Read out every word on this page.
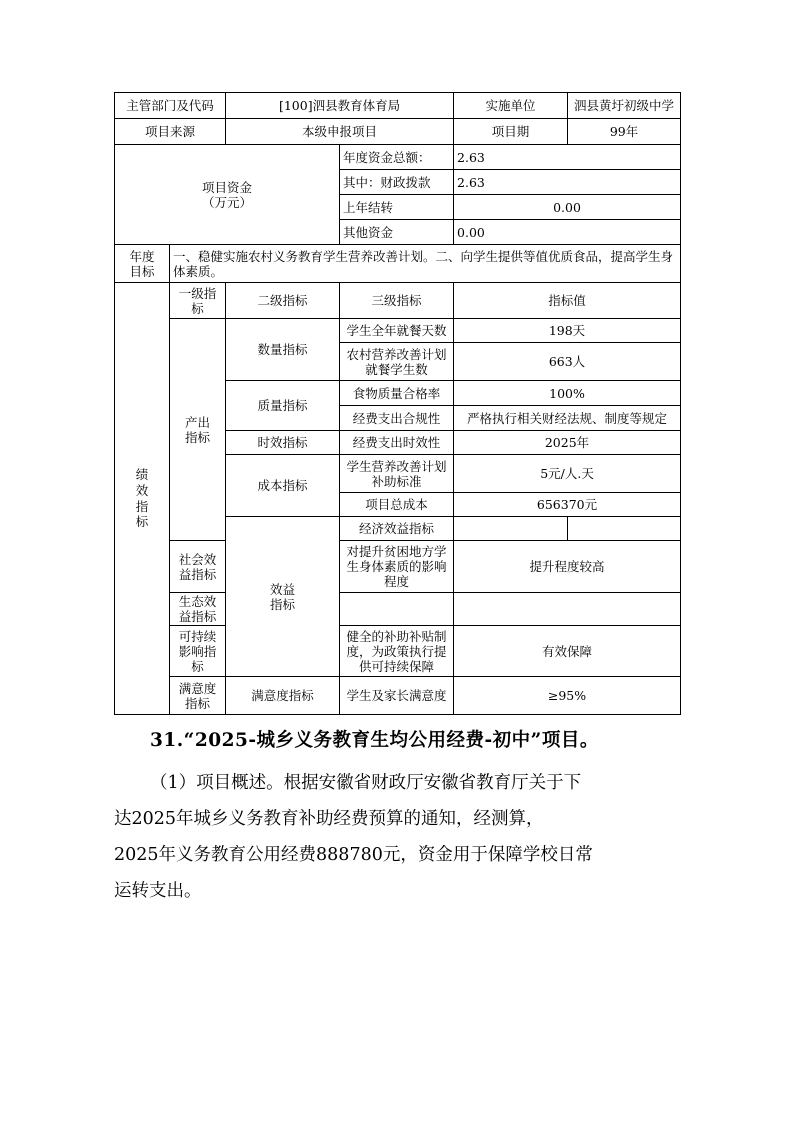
主管部门及代码		[100]泗县教育体育局		实施单位	泗县黄圩初级中学
项目来源		本级申报项目		项目期	99年

项目资金
（万元）			年度资金总额：	2.63	
			其中：财政拨款	2.63	
			上年结转	0.00	
			其他资金	0.00	

年度
目标	一、稳健实施农村义务教育学生营养改善计划。二、向学生提供等值优质食品，提高学生身体素质。				

绩效指标	一级指标	二级指标	三级指标	指标值	

	产出指标	数量指标	学生全年就餐天数	198天	
			农村营养改善计划就餐学生数	663人	
		质量指标	食物质量合格率	100%	
			经费支出合规性	严格执行相关财经法规、制度等规定	
		时效指标	经费支出时效性	2025年	
		成本指标	学生营养改善计划补助标准	5元/人.天	
			项目总成本	656370元	

		效益指标	经济效益指标		
	社会效益指标		对提升贫困地方学生身体素质的影响程度	提升程度较高	
	生态效益指标				
	可持续影响指标		健全的补助补贴制度，为政策执行提供可持续保障	有效保障	

	满意度指标	满意度指标	学生及家长满意度	≥95%	
31.“2025-城乡义务教育生均公用经费-初中”项目。

（1）项目概述。根据安徽省财政厅安徽省教育厅关于下

达2025年城乡义务教育补助经费预算的通知，经测算，

2025年义务教育公用经费888780元，资金用于保障学校日常

运转支出。
